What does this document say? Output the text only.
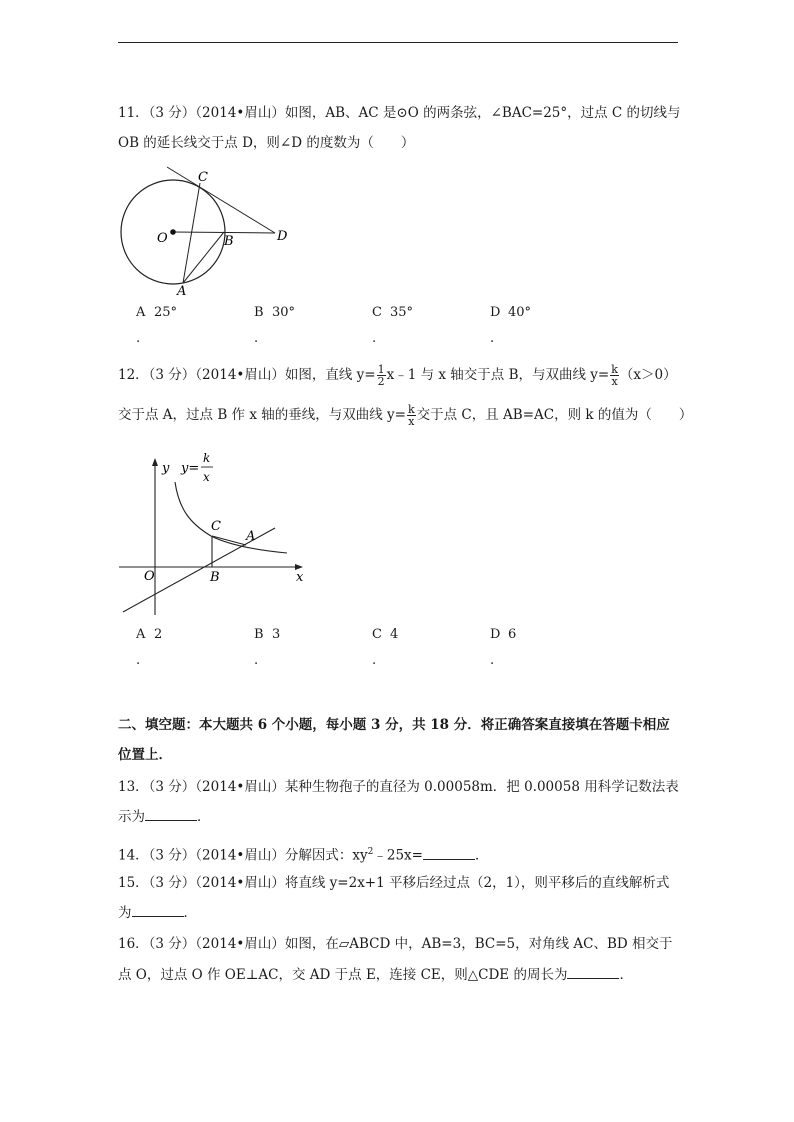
11．（3 分）（2014•眉山）如图，AB、AC 是⊙O 的两条弦，∠BAC=25°，过点 C 的切线与
OB 的延长线交于点 D，则∠D 的度数为（　　）
C
O	B	D
A
A 25°	B 30°	C 35°	D 40°
.	.	.	.
12．（3 分）（2014•眉山）如图，直线 $y= \frac{1}{2}$ x﹣1 与 x 轴交于点 B，与双曲线 $y= \frac{k}{x} (x>0)$
交于点 A，过点 B 作 x 轴的垂线，与双曲线 $y= \frac{k}{x}$ 交于点 C，且 AB=AC，则 k 的值为（　　）
y y=
k
x
C
A
O	B	x
A 2	B 3	C 4	D 6
.	.	.	.
二、填空题：本大题共 6 个小题，每小题 3 分，共 18 分．将正确答案直接填在答题卡相应
位置上．
13．（3 分）（2014•眉山）某种生物孢子的直径为 0.00058m．把 0.00058 用科学记数法表
示为	．
14．（3 分）（2014•眉山）分解因式：$xy^2﹣25x=$	．
15．（3 分）（2014•眉山）将直线 y=2x+1 平移后经过点（2，1），则平移后的直线解析式
为	．
16．（3 分）（2014•眉山）如图，在▱ABCD 中，AB=3，BC=5，对角线 AC、BD 相交于
点 O，过点 O 作 OE⊥AC，交 AD 于点 E，连接 CE，则△CDE 的周长为	．
